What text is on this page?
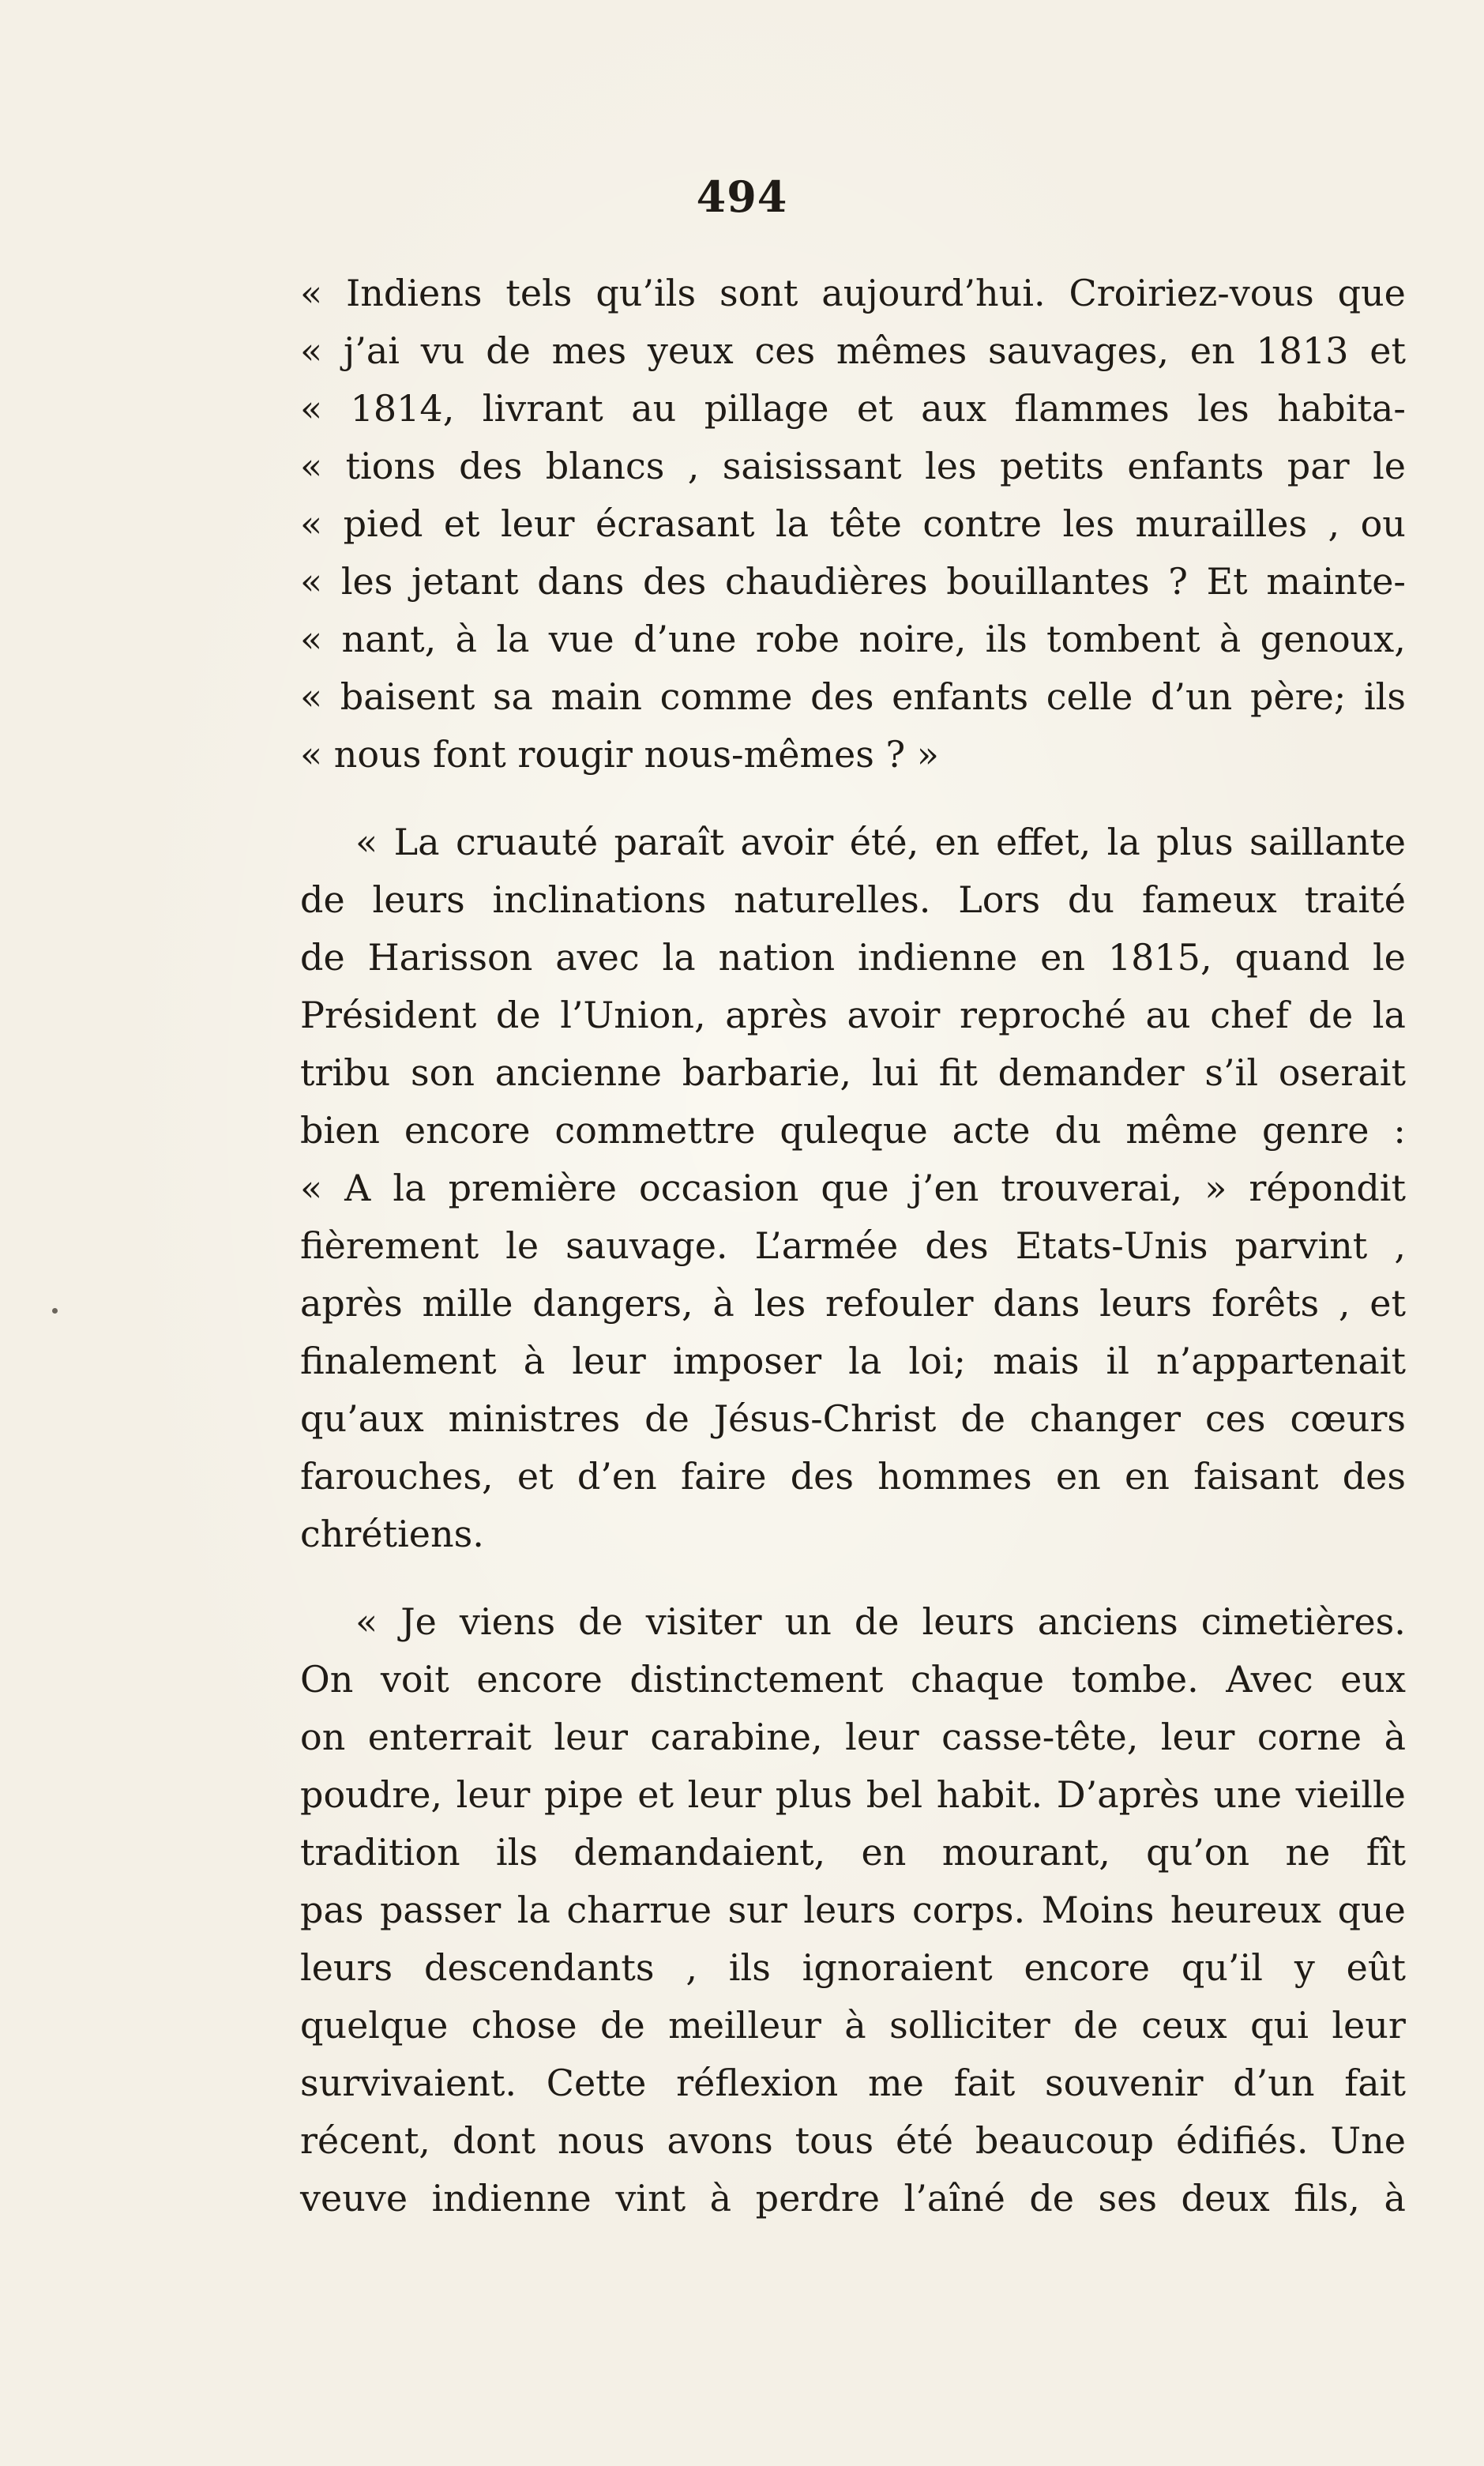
494
« Indiens tels qu’ils sont aujourd’hui. Croiriez-vous que
« j’ai vu de mes yeux ces mêmes sauvages, en 1813 et
« 1814, livrant au pillage et aux flammes les habita-
« tions des blancs , saisissant les petits enfants par le
« pied et leur écrasant la tête contre les murailles , ou
« les jetant dans des chaudières bouillantes ? Et mainte-
« nant, à la vue d’une robe noire, ils tombent à genoux,
« baisent sa main comme des enfants celle d’un père; ils
« nous font rougir nous-mêmes ? »
« La cruauté paraît avoir été, en effet, la plus saillante
de leurs inclinations naturelles. Lors du fameux traité
de Harisson avec la nation indienne en 1815, quand le
Président de l’Union, après avoir reproché au chef de la
tribu son ancienne barbarie, lui fit demander s’il oserait
bien encore commettre quleque acte du même genre :
« A la première occasion que j’en trouverai, » répondit
fièrement le sauvage. L’armée des Etats-Unis parvint ,
après mille dangers, à les refouler dans leurs forêts , et
finalement à leur imposer la loi; mais il n’appartenait
qu’aux ministres de Jésus-Christ de changer ces cœurs
farouches, et d’en faire des hommes en en faisant des
chrétiens.
« Je viens de visiter un de leurs anciens cimetières.
On voit encore distinctement chaque tombe. Avec eux
on enterrait leur carabine, leur casse-tête, leur corne à
poudre, leur pipe et leur plus bel habit. D’après une vieille
tradition ils demandaient, en mourant, qu’on ne fît
pas passer la charrue sur leurs corps. Moins heureux que
leurs descendants , ils ignoraient encore qu’il y eût
quelque chose de meilleur à solliciter de ceux qui leur
survivaient. Cette réflexion me fait souvenir d’un fait
récent, dont nous avons tous été beaucoup édifiés. Une
veuve indienne vint à perdre l’aîné de ses deux fils, à
